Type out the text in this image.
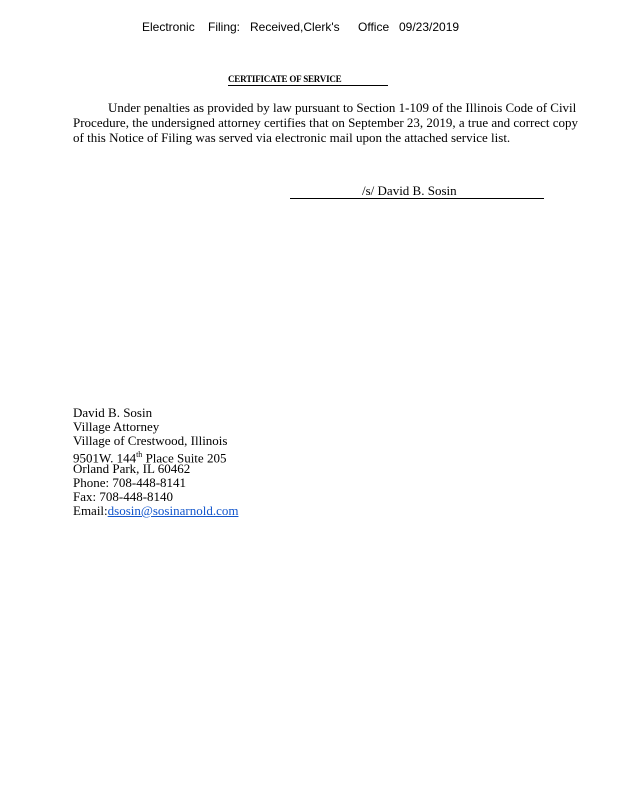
Electronic Filing: Received,Clerk's Office 09/23/2019
CERTIFICATE OF SERVICE
Under penalties as provided by law pursuant to Section 1-109 of the Illinois Code of Civil
Procedure, the undersigned attorney certifies that on September 23, 2019, a true and correct copy
of this Notice of Filing was served via electronic mail upon the attached service list.
/s/ David B. Sosin
David B. Sosin
Village Attorney
Village of Crestwood, Illinois
9501W. 144th Place Suite 205
Orland Park, IL 60462
Phone: 708-448-8141
Fax: 708-448-8140
Email:dsosin@sosinarnold.com
